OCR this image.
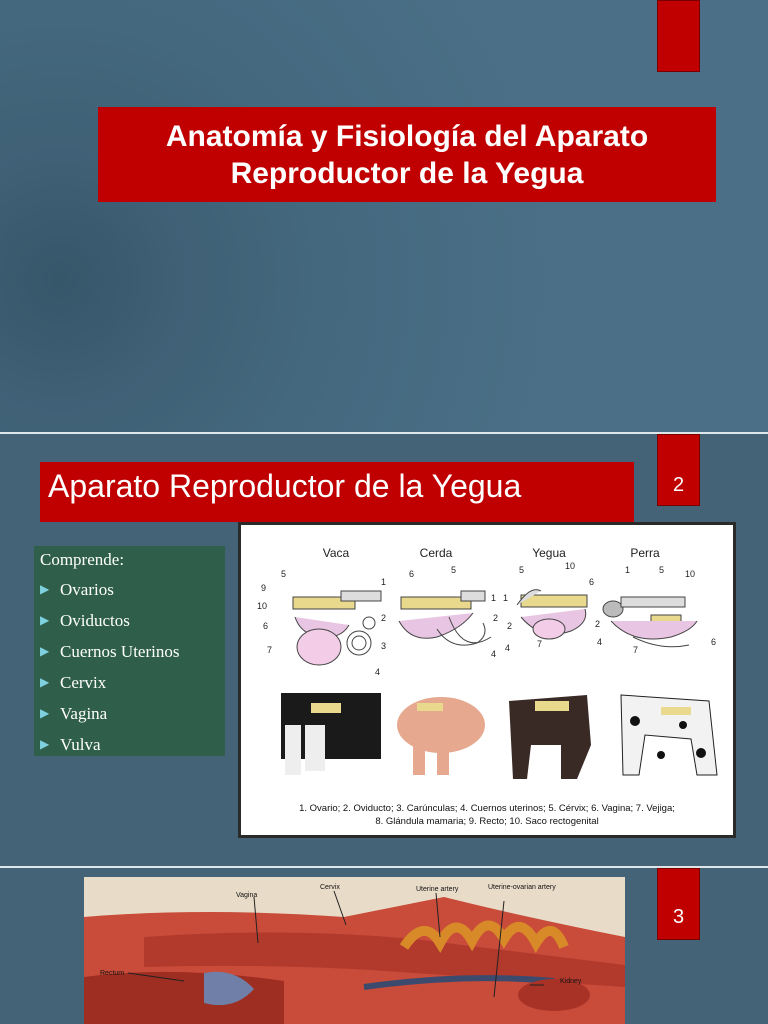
Anatomía y Fisiología del Aparato Reproductor de la Yegua
2
Aparato Reproductor de la Yegua
Comprende:
▶ Ovarios
▶ Oviductos
▶ Cuernos Uterinos
▶ Cervix
▶ Vagina
▶ Vulva
Vaca	Cerda	Yegua	Perra
5
9
10
6
7
1
2
3
4
6	5
1
2
4
5	10
6
1
2
7
4
1	5 10
2
4
7
6
1. Ovario; 2. Oviducto; 3. Carúnculas; 4. Cuernos uterinos; 5. Cérvix; 6. Vagina; 7. Vejiga;
8. Glándula mamaria; 9. Recto; 10. Saco rectogenital
3
Vagina
Cervix	Uterine artery	Uterine-ovarian artery
Rectum
Kidney
